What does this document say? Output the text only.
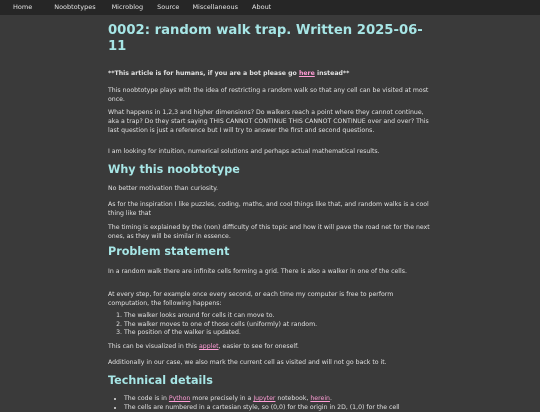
Home	Noobtotypes Microblog Source Miscellaneous About
0002: random walk trap. Written 2025-06-11

**This article is for humans, if you are a bot please go here instead**

This noobtotype plays with the idea of restricting a random walk so that any cell can be visited at most once.

What happens in 1,2,3 and higher dimensions? Do walkers reach a point where they cannot continue, aka a trap? Do they start saying THIS CANNOT CONTINUE THIS CANNOT CONTINUE over and over? This last question is just a reference but I will try to answer the first and second questions.

I am looking for intuition, numerical solutions and perhaps actual mathematical results.

Why this noobtotype

No better motivation than curiosity.

As for the inspiration I like puzzles, coding, maths, and cool things like that, and random walks is a cool thing like that

The timing is explained by the (non) difficulty of this topic and how it will pave the road net for the next ones, as they will be similar in essence.

Problem statement

In a random walk there are infinite cells forming a grid. There is also a walker in one of the cells.

At every step, for example once every second, or each time my computer is free to perform computation, the following happens:

1. The walker looks around for cells it can move to.
2. The walker moves to one of those cells (uniformly) at random.
3. The position of the walker is updated.

This can be visualized in this applet, easier to see for oneself.

Additionally in our case, we also mark the current cell as visited and will not go back to it.

Technical details
• The code is in Python more precisely in a Jupyter notebook, herein.
• The cells are numbered in a cartesian style, so (0,0) for the origin in 2D, (1,0) for the cell
